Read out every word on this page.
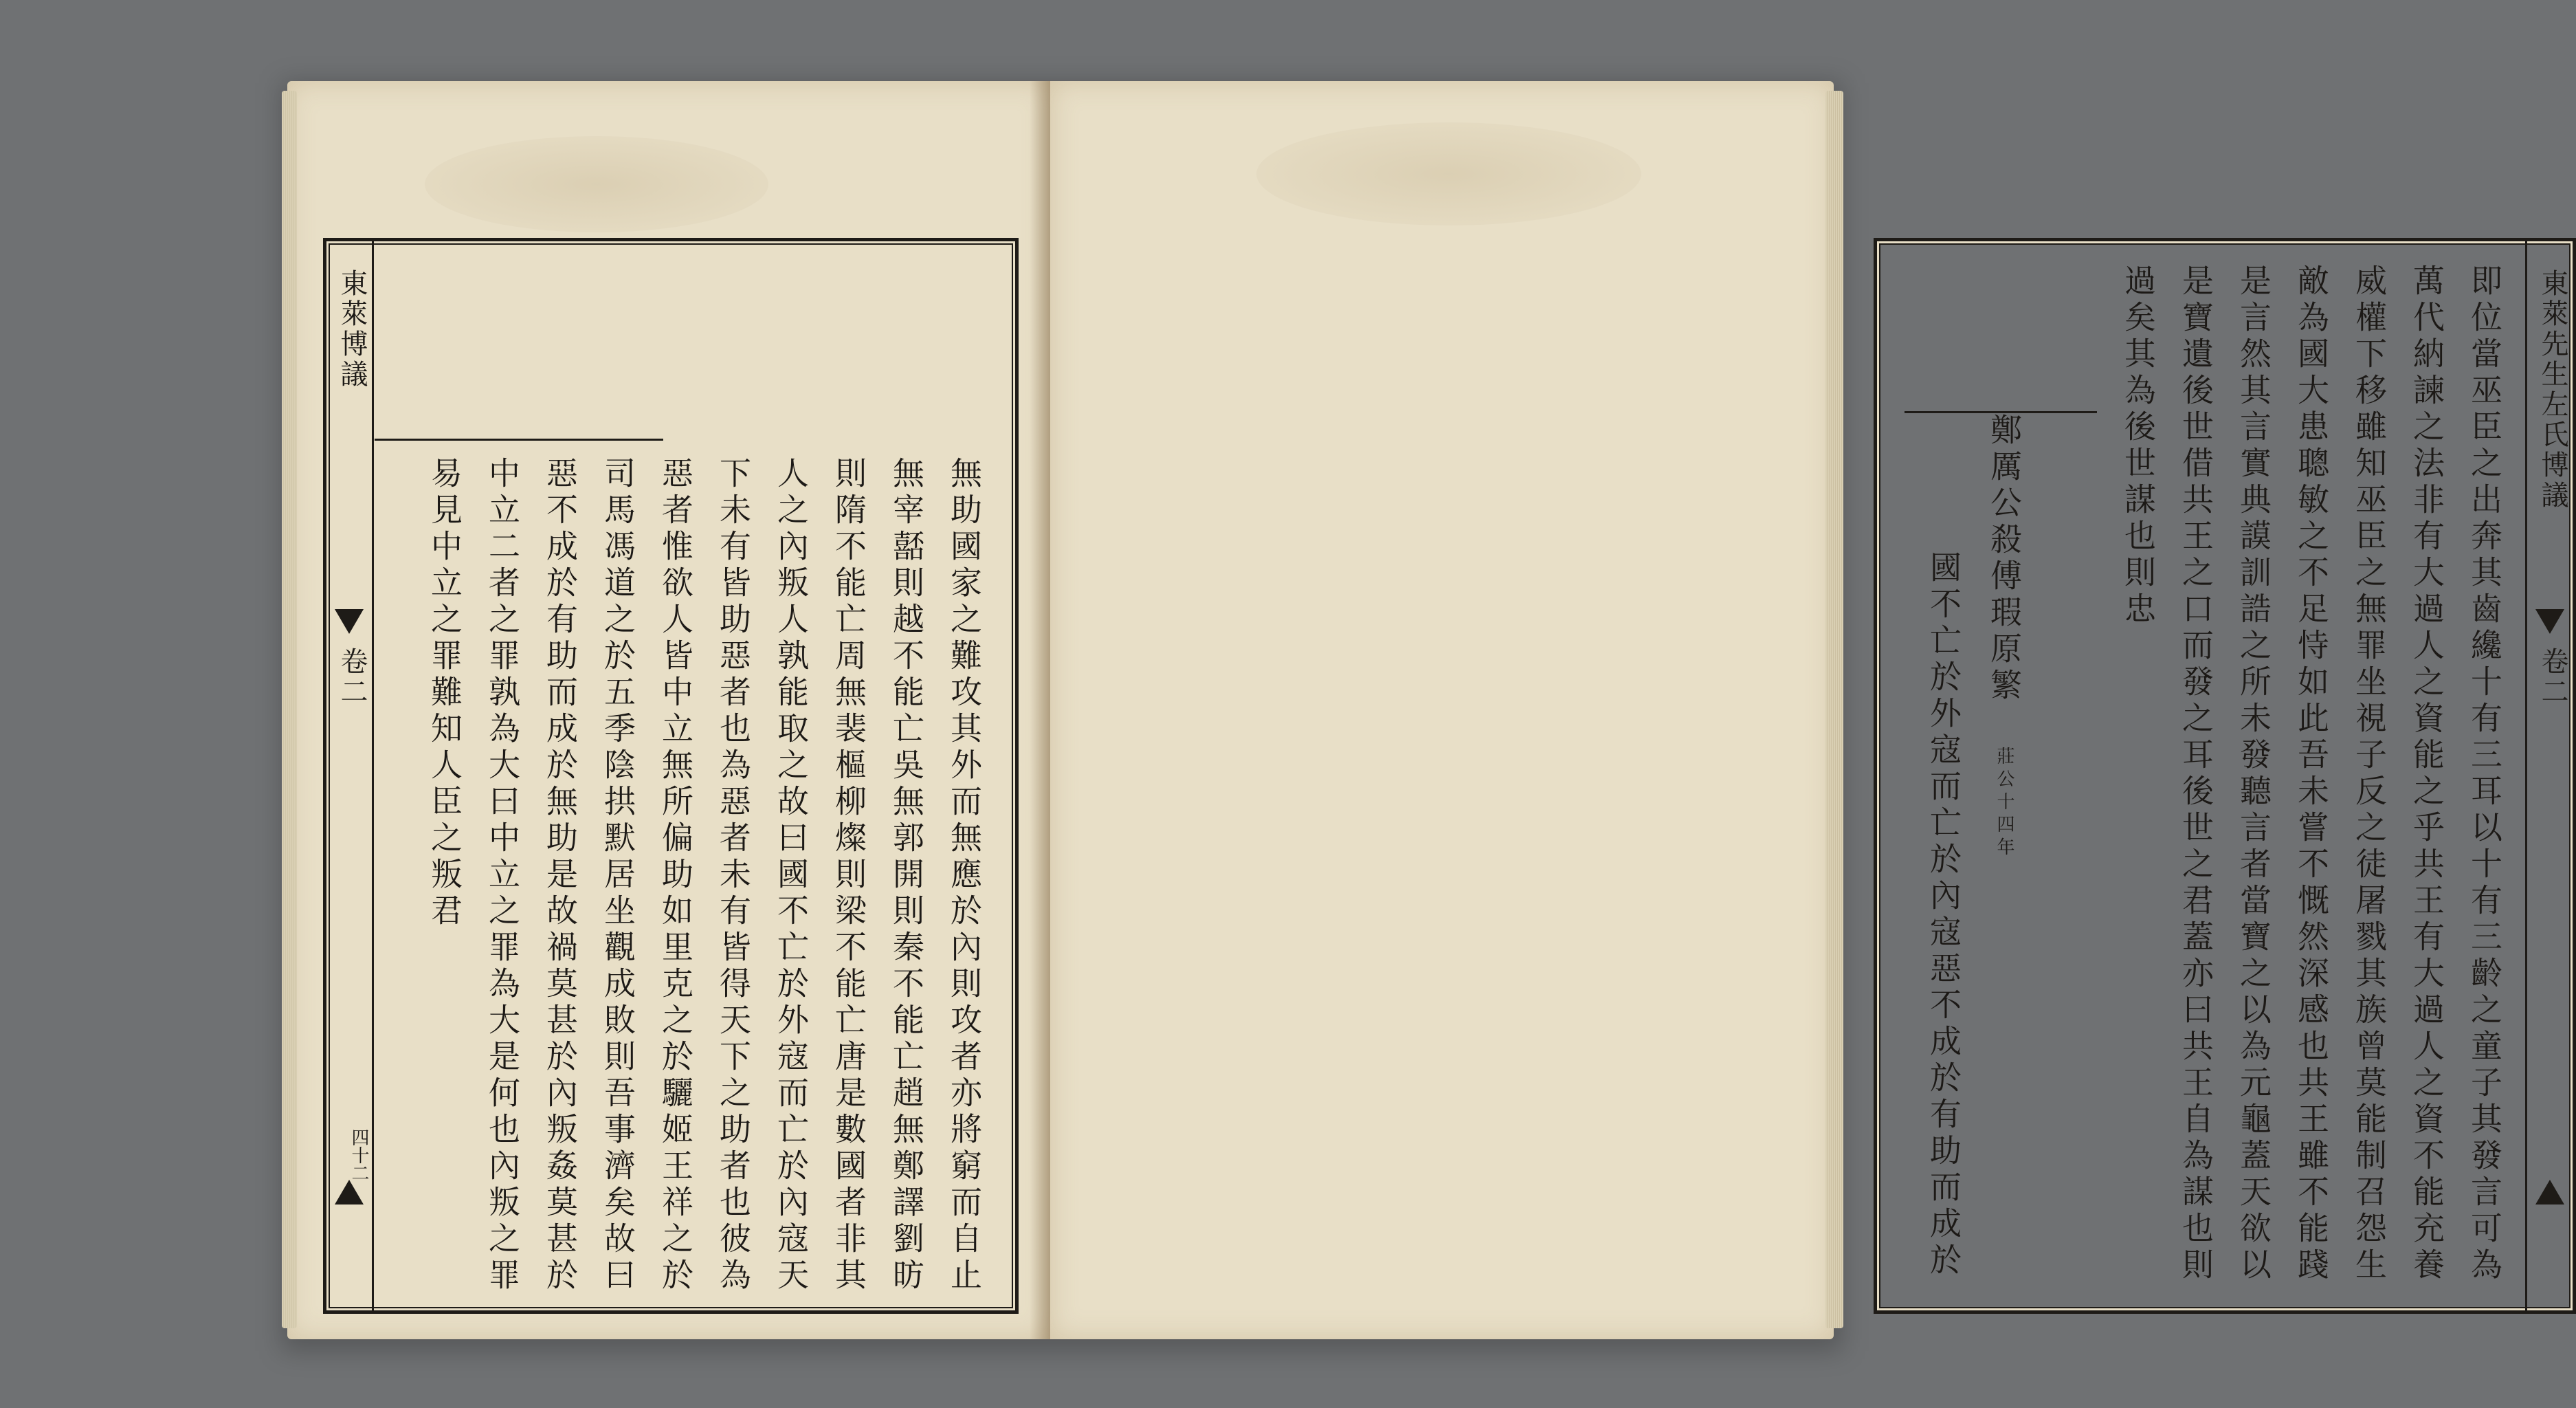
東萊博議
卷二
四十二	無助國家之難攻其外而無應於內則攻者亦將窮而自止無宰嚭則越不能亡吳無郭開則秦不能亡趙無鄭譯劉昉則隋不能亡周無裴樞柳燦則梁不能亡唐是數國者非其人之內叛人孰能取之故曰國不亡於外寇而亡於內寇天下未有皆助惡者也為惡者未有皆得天下之助者也彼為惡者惟欲人皆中立無所偏助如里克之於驪姬王祥之於司馬馮道之於五季陰拱默居坐觀成敗則吾事濟矣故曰惡不成於有助而成於無助是故禍莫甚於內叛姦莫甚於中立二者之罪孰為大曰中立之罪為大是何也內叛之罪易見中立之罪難知人臣之叛君
東萊先生左氏博議
卷二
即位當巫臣之出奔其齒纔十有三耳以十有三齡之童子其發言可為萬代納諫之法非有大過人之資能之乎共王有大過人之資不能充養威權下移雖知巫臣之無罪坐視子反之徒屠戮其族曾莫能制召怨生敵為國大患聰敏之不足恃如此吾未嘗不慨然深感也共王雖不能踐是言然其言實典謨訓誥之所未發聽言者當寶之以為元龜蓋天欲以是寶遺後世借共王之口而發之耳後世之君蓋亦曰共王自為謀也則過矣其為後世謀也則忠
鄭厲公殺傅瑕原繁 莊公十四年
國不亡於外寇而亡於內寇惡不成於有助而成於
